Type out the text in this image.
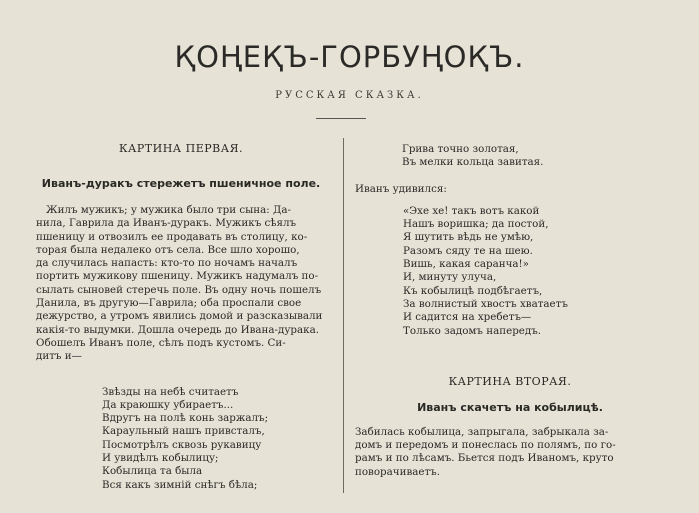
ҚОҢЕҚЪ-ГОРБУҢОҚЪ.
РУССКАЯ СКАЗКА.

КАРТИНА ПЕРВАЯ.

Иванъ-дуракъ стережетъ пшеничное поле.

Жилъ мужикъ; у мужика было три сына: Да-
нила, Гаврила да Иванъ-дуракъ. Мужикъ сѣялъ
пшеницу и отвозилъ ее продавать въ столицу, ко-
торая была недалеко отъ села. Все шло хорошо,
да случилась напасть: кто-то по ночамъ началъ
портить мужикову пшеницу. Мужикъ надумалъ по-
сылать сыновей стеречь поле. Въ одну ночь пошелъ
Данила, въ другую—Гаврила; оба проспали свое
дежурство, а утромъ явились домой и разсказывали
какія-то выдумки. Дошла очередь до Ивана-дурака.
Обошелъ Иванъ поле, сѣлъ подъ кустомъ. Си-
дитъ и—
Звѣзды на небѣ считаетъ
Да краюшку убираетъ...
Вдругъ на полѣ конь заржалъ;
Караульный нашъ привсталъ,
Посмотрѣлъ сквозь рукавицу
И увидѣлъ кобылицу;
Кобылица та была
Вся какъ зимній снѣгъ бѣла;
Грива точно золотая,
Въ мелки кольца завитая.

Иванъ удивился:

«Эхе хе! такъ вотъ какой
Нашъ воришка; да постой,
Я шутить вѣдь не умѣю,
Разомъ сяду те на шею.
Вишь, какая саранча!»
И, минуту улуча,
Къ кобылицѣ подбѣгаетъ,
За волнистый хвостъ хватаетъ
И садится на хребетъ—
Только задомъ напередъ.

КАРТИНА ВТОРАЯ.

Иванъ скачетъ на кобылицѣ.

Забилась кобылица, запрыгала, забрыкала за-
домъ и передомъ и понеслась по полямъ, по го-
рамъ и по лѣсамъ. Бьется подъ Иваномъ, круто
поворачиваетъ.
